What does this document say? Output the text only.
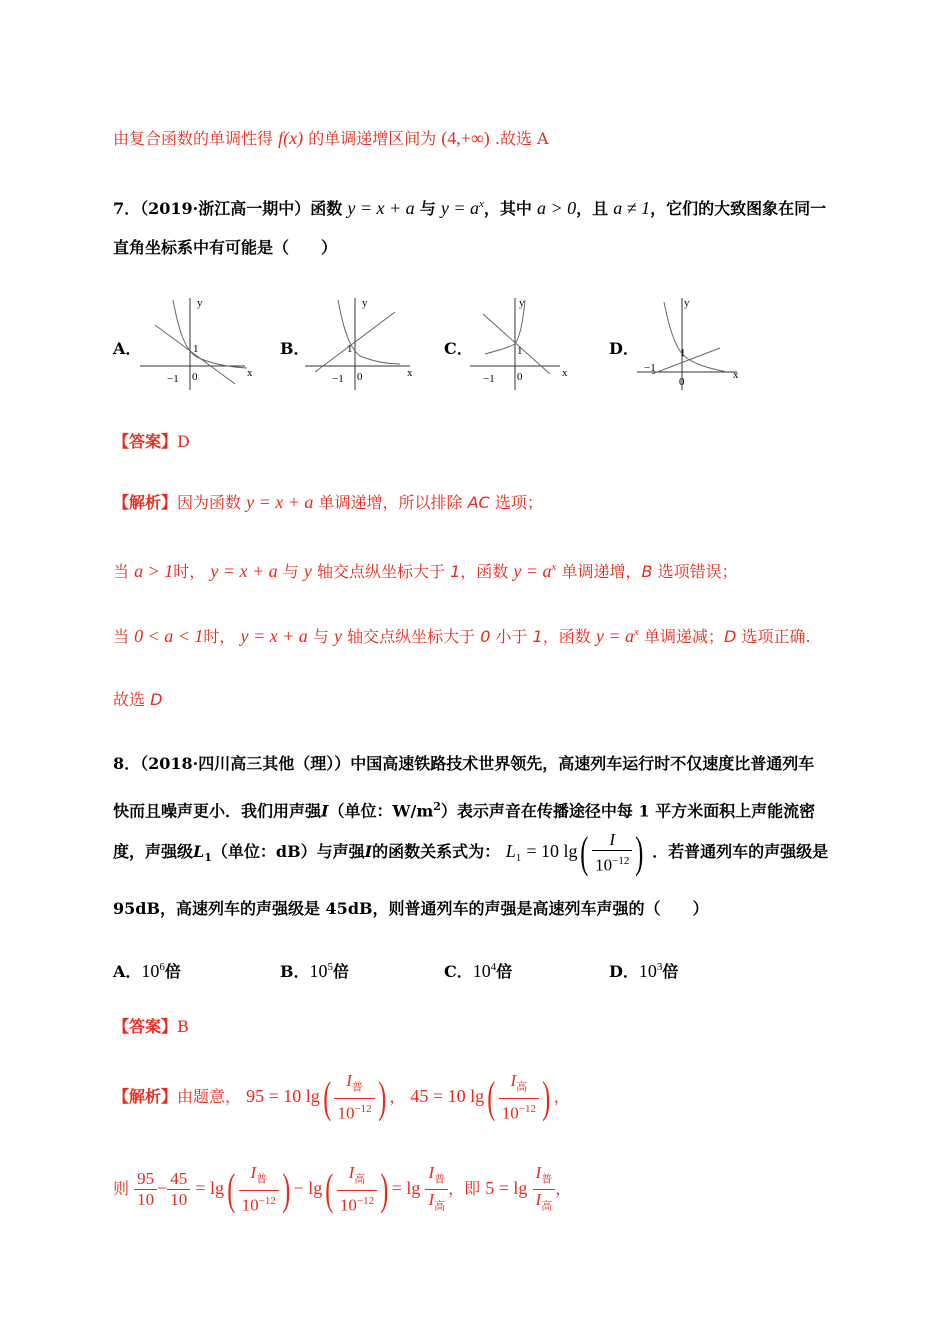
由复合函数的单调性得 f(x) 的单调递增区间为 (4,+∞) .故选 A
7．（2019·浙江高一期中）函数 y = x + a 与 $y = a^x$，其中 a > 0，且 a ≠ 1，它们的大致图象在同一
直角坐标系中有可能是（　　）
A．
y
x
1
0
−1
B．
y
x
1
0
−1
C．
y
x
1
0
−1
D．
y
x
1
0
−1
【答案】D
【解析】因为函数 y = x + a 单调递增，所以排除 AC 选项；
当 a > 1时， y = x + a 与 y 轴交点纵坐标大于 1，函数 $y = a^x$ 单调递增，B 选项错误；
当 0 < a < 1时， y = x + a 与 y 轴交点纵坐标大于 0 小于 1，函数 $y = a^x$ 单调递减；D 选项正确.
故选 D
8．（2018·四川高三其他（理））中国高速铁路技术世界领先，高速列车运行时不仅速度比普通列车
快而且噪声更小．我们用声强I（单位：$W/m^2$）表示声音在传播途径中每 1 平方米面积上声能流密
度，声强级$L_1$（单位：dB）与声强I的函数关系式为： $L_1 = 10$ $\lg( \frac{I}{10^{-12}}$ ) ．若普通列车的声强级是
95dB，高速列车的声强级是 45dB，则普通列车的声强是高速列车声强的（　　）
A．$10^6$倍	B．$10^5$倍	C．$10^4$倍	D．$10^3$倍
【答案】B
【解析】由题意， 95 = 10 $\lg( \frac{I_普}{10^{-12}}$ ) ， 45 = 10 $\lg( \frac{I_高}{10^{-12}}$ ) ，
则 $\frac{95}{10} - \frac{45}{10} = \lg( \frac{I_普}{10^{-12}}$ ) − $\lg( \frac{I_高}{10^{-12}}$ ) = $\lg \frac{I_普}{I_高}$ ，即 $5 = \lg \frac{I_普}{I_高}$ ，
